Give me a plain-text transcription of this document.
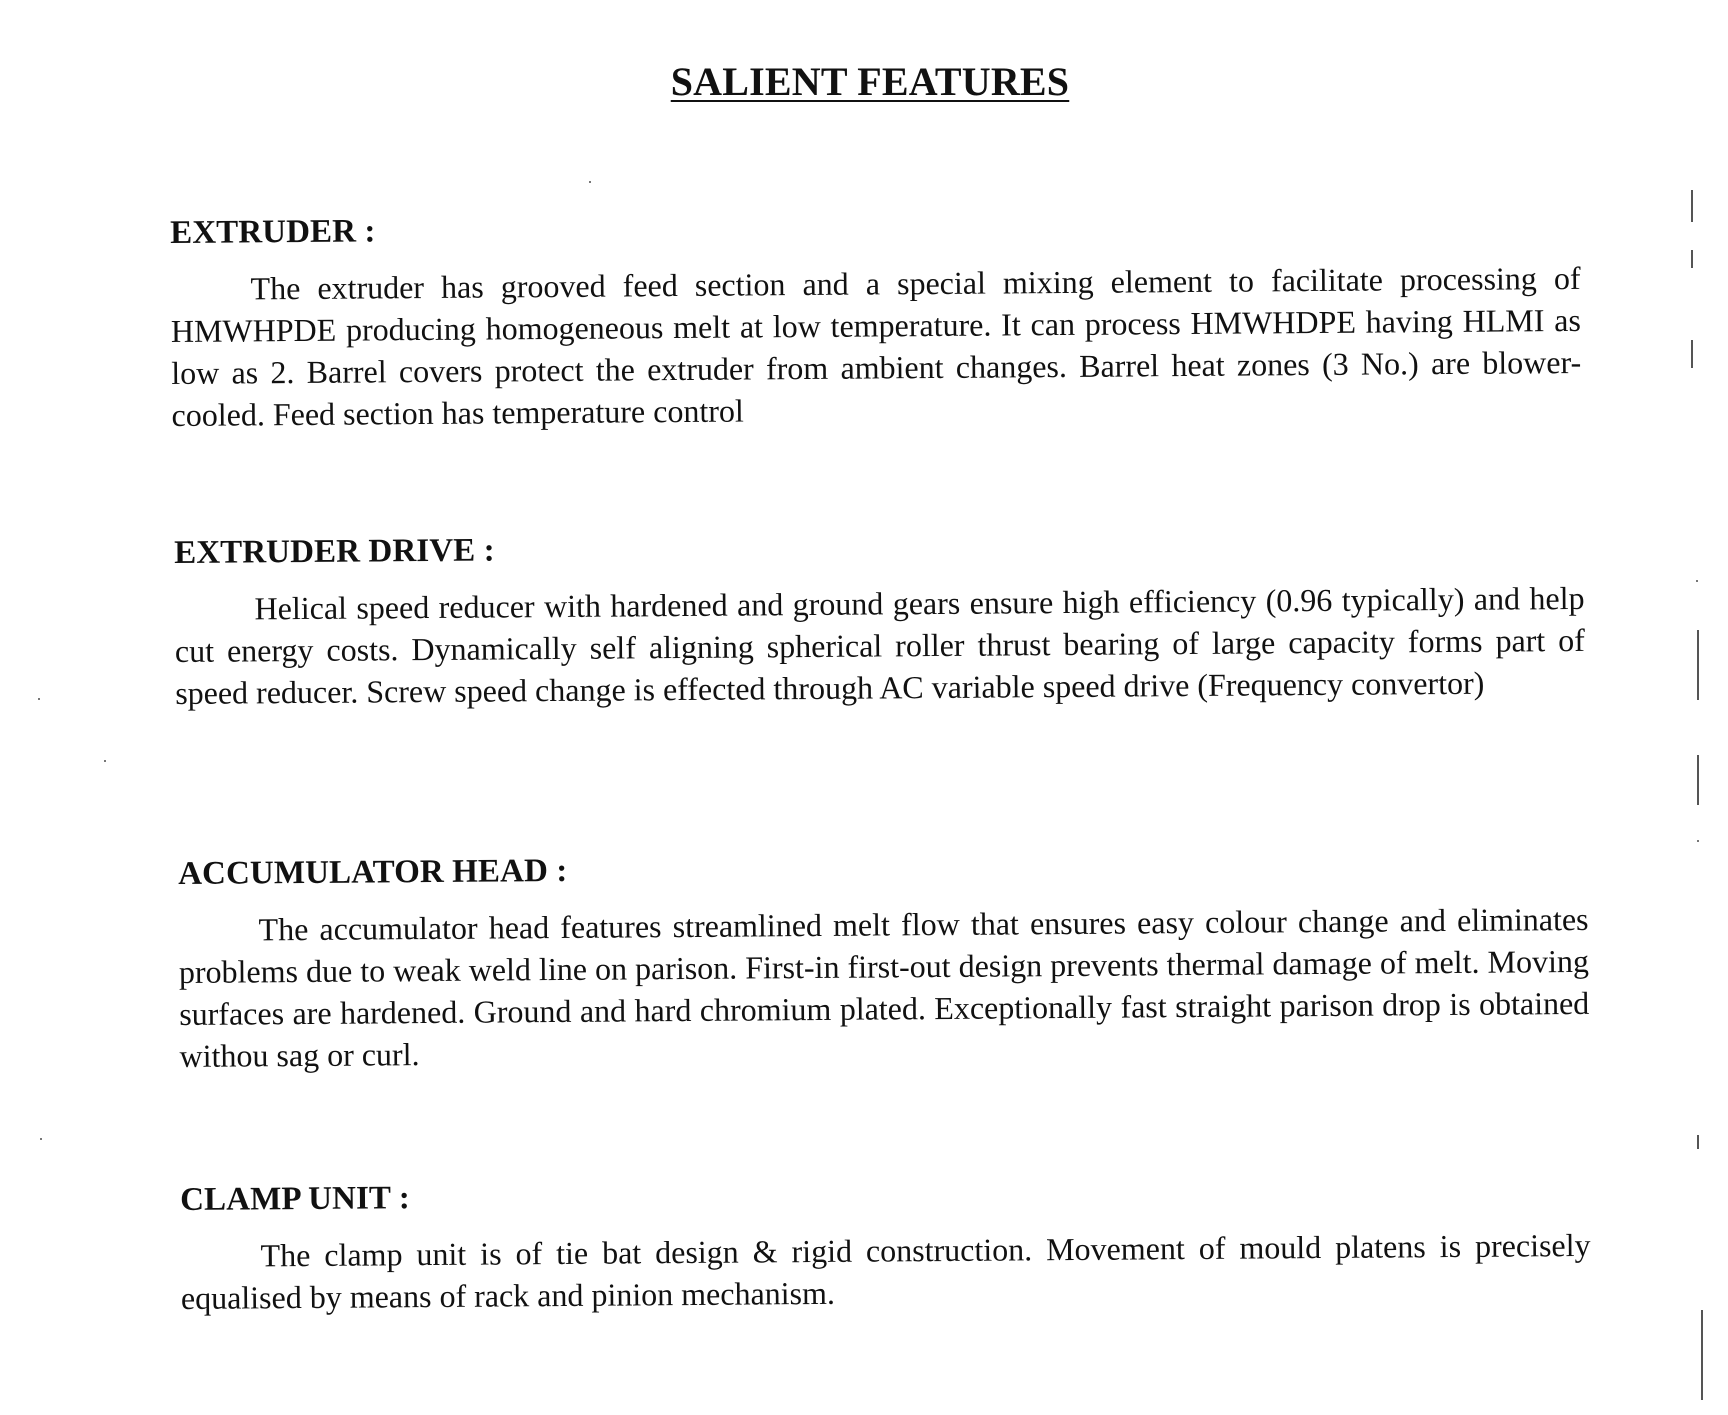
SALIENT FEATURES
EXTRUDER :

The extruder has grooved feed section and a special mixing element to facilitate processing of HMWHPDE producing homogeneous melt at low temperature. It can process HMWHDPE having HLMI as low as 2. Barrel covers protect the extruder from ambient changes. Barrel heat zones (3 No.) are blower-cooled. Feed section has temperature control

EXTRUDER DRIVE :

Helical speed reducer with hardened and ground gears ensure high efficiency (0.96 typically) and help cut energy costs. Dynamically self aligning spherical roller thrust bearing of large capacity forms part of speed reducer. Screw speed change is effected through AC variable speed drive (Frequency convertor)

ACCUMULATOR HEAD :

The accumulator head features streamlined melt flow that ensures easy colour change and eliminates problems due to weak weld line on parison. First-in first-out design prevents thermal damage of melt. Moving surfaces are hardened. Ground and hard chromium plated. Exceptionally fast straight parison drop is obtained withou sag or curl.

CLAMP UNIT :

The clamp unit is of tie bat design & rigid construction. Movement of mould platens is precisely equalised by means of rack and pinion mechanism.
